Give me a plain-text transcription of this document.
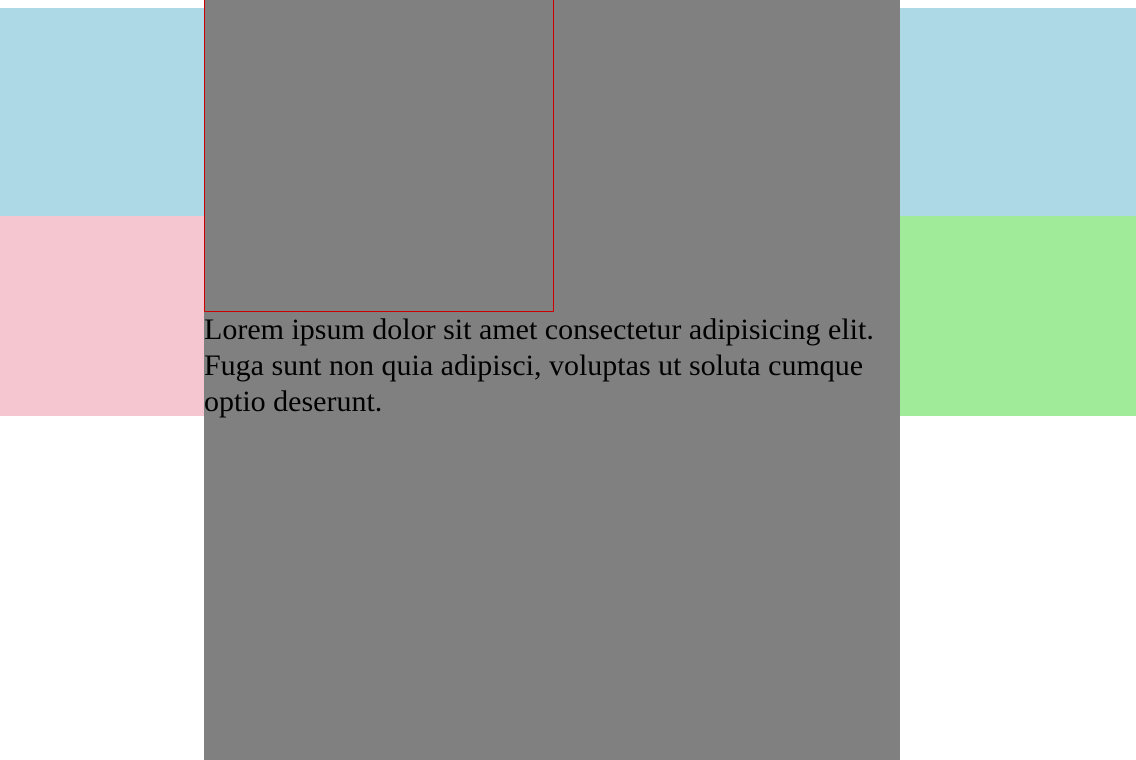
Lorem ipsum dolor sit amet consectetur adipisicing elit. Fuga sunt non quia adipisci, voluptas ut soluta cumque optio deserunt.
